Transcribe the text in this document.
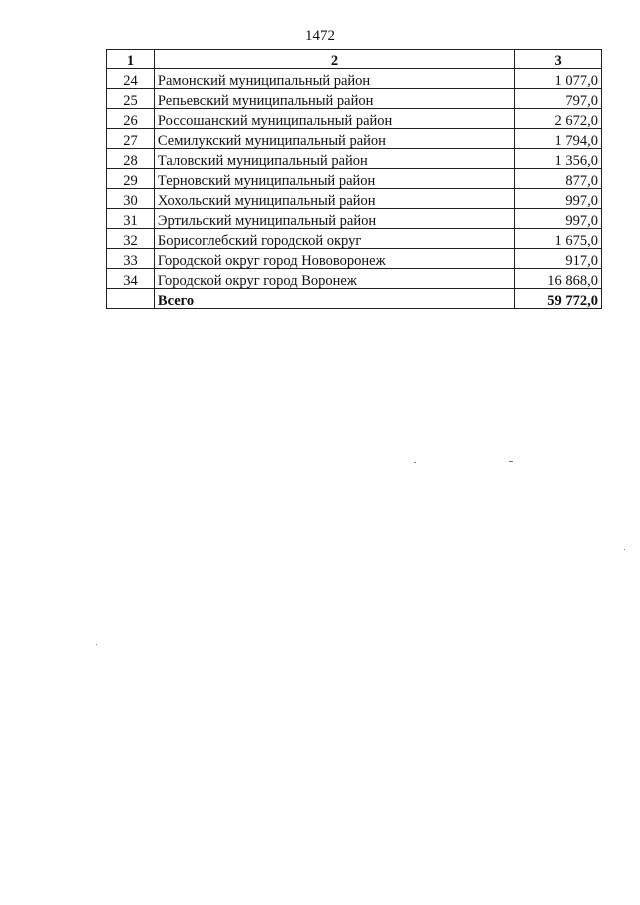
1472
1	2	3
24	Рамонский муниципальный район	1 077,0
25	Репьевский муниципальный район	797,0
26	Россошанский муниципальный район	2 672,0
27	Семилукский муниципальный район	1 794,0
28	Таловский муниципальный район	1 356,0
29	Терновский муниципальный район	877,0
30	Хохольский муниципальный район	997,0
31	Эртильский муниципальный район	997,0
32	Борисоглебский городской округ	1 675,0
33	Городской округ город Нововоронеж	917,0
34	Городской округ город Воронеж	16 868,0
	Всего	59 772,0
